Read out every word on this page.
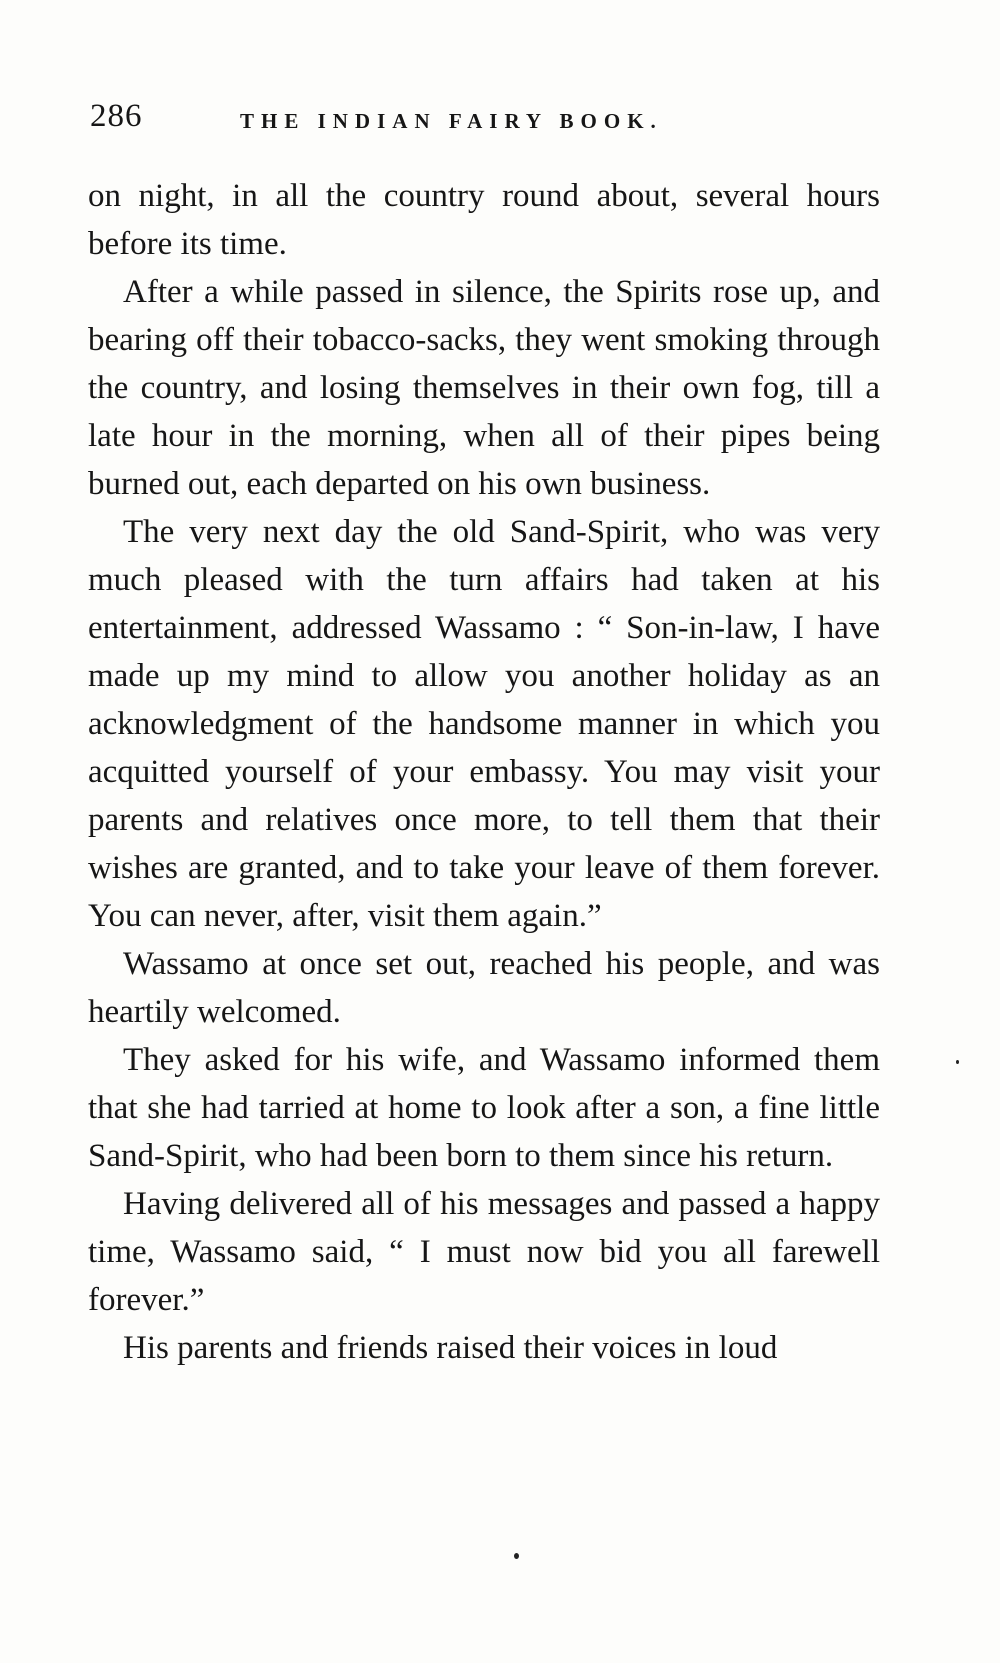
286	THE INDIAN FAIRY BOOK.

on night, in all the country round about, several hours before its time.

After a while passed in silence, the Spirits rose up, and bearing off their tobacco-sacks, they went smoking through the country, and losing themselves in their own fog, till a late hour in the morning, when all of their pipes being burned out, each departed on his own business.

The very next day the old Sand-Spirit, who was very much pleased with the turn affairs had taken at his entertainment, addressed Wassamo : “ Son-in-law, I have made up my mind to allow you another holiday as an acknowledgment of the handsome manner in which you acquitted yourself of your embassy. You may visit your parents and relatives once more, to tell them that their wishes are granted, and to take your leave of them forever. You can never, after, visit them again.”

Wassamo at once set out, reached his people, and was heartily welcomed.

They asked for his wife, and Wassamo informed them that she had tarried at home to look after a son, a fine little Sand-Spirit, who had been born to them since his return.

Having delivered all of his messages and passed a happy time, Wassamo said, “ I must now bid you all farewell forever.”

His parents and friends raised their voices in loud
